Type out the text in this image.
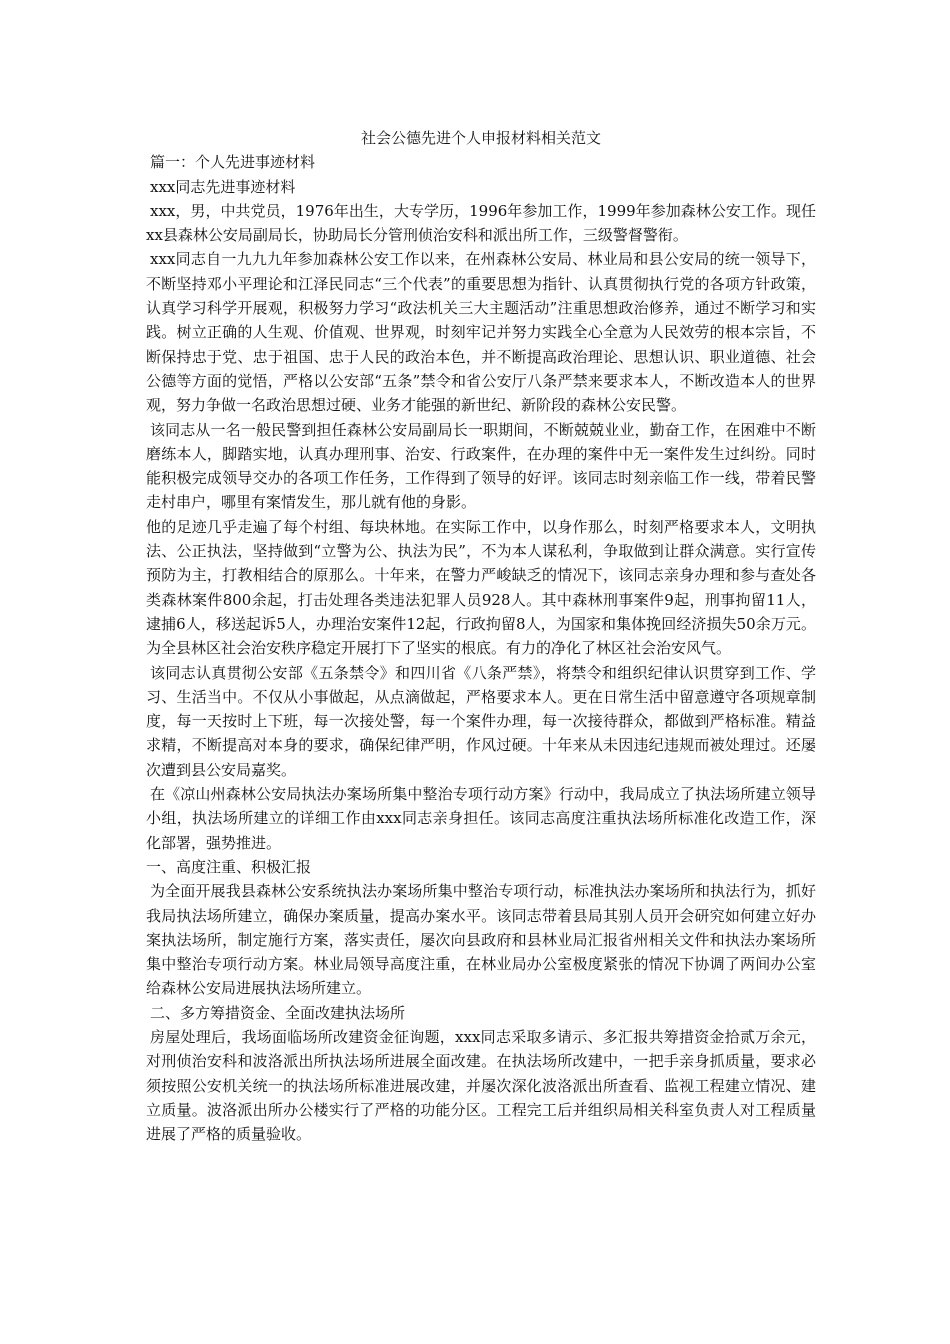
社会公德先进个人申报材料相关范文

篇一：个人先进事迹材料

xxx同志先进事迹材料

xxx，男，中共党员，1976年出生，大专学历，1996年参加工作，1999年参加森林公安工作。现任xx县森林公安局副局长，协助局长分管刑侦治安科和派出所工作，三级警督警衔。

xxx同志自一九九九年参加森林公安工作以来，在州森林公安局、林业局和县公安局的统一领导下，不断坚持邓小平理论和江泽民同志“三个代表”的重要思想为指针、认真贯彻执行党的各项方针政策，认真学习科学开展观，积极努力学习“政法机关三大主题活动”注重思想政治修养，通过不断学习和实践。树立正确的人生观、价值观、世界观，时刻牢记并努力实践全心全意为人民效劳的根本宗旨，不断保持忠于党、忠于祖国、忠于人民的政治本色，并不断提高政治理论、思想认识、职业道德、社会公德等方面的觉悟，严格以公安部“五条”禁令和省公安厅八条严禁来要求本人，不断改造本人的世界观，努力争做一名政治思想过硬、业务才能强的新世纪、新阶段的森林公安民警。

该同志从一名一般民警到担任森林公安局副局长一职期间，不断兢兢业业，勤奋工作，在困难中不断磨练本人，脚踏实地，认真办理刑事、治安、行政案件，在办理的案件中无一案件发生过纠纷。同时能积极完成领导交办的各项工作任务，工作得到了领导的好评。该同志时刻亲临工作一线，带着民警走村串户，哪里有案情发生，那儿就有他的身影。

他的足迹几乎走遍了每个村组、每块林地。在实际工作中，以身作那么，时刻严格要求本人，文明执法、公正执法，坚持做到“立警为公、执法为民”，不为本人谋私利，争取做到让群众满意。实行宣传预防为主，打教相结合的原那么。十年来，在警力严峻缺乏的情况下，该同志亲身办理和参与查处各类森林案件800余起，打击处理各类违法犯罪人员928人。其中森林刑事案件9起，刑事拘留11人，逮捕6人，移送起诉5人，办理治安案件12起，行政拘留8人，为国家和集体挽回经济损失50余万元。为全县林区社会治安秩序稳定开展打下了坚实的根底。有力的净化了林区社会治安风气。

该同志认真贯彻公安部《五条禁令》和四川省《八条严禁》，将禁令和组织纪律认识贯穿到工作、学习、生活当中。不仅从小事做起，从点滴做起，严格要求本人。更在日常生活中留意遵守各项规章制度，每一天按时上下班，每一次接处警，每一个案件办理，每一次接待群众，都做到严格标准。精益求精，不断提高对本身的要求，确保纪律严明，作风过硬。十年来从未因违纪违规而被处理过。还屡次遭到县公安局嘉奖。

在《凉山州森林公安局执法办案场所集中整治专项行动方案》行动中，我局成立了执法场所建立领导小组，执法场所建立的详细工作由xxx同志亲身担任。该同志高度注重执法场所标准化改造工作，深化部署，强势推进。

一、高度注重、积极汇报

为全面开展我县森林公安系统执法办案场所集中整治专项行动，标准执法办案场所和执法行为，抓好我局执法场所建立，确保办案质量，提高办案水平。该同志带着县局其别人员开会研究如何建立好办案执法场所，制定施行方案，落实责任，屡次向县政府和县林业局汇报省州相关文件和执法办案场所集中整治专项行动方案。林业局领导高度注重，在林业局办公室极度紧张的情况下协调了两间办公室给森林公安局进展执法场所建立。

二、多方筹措资金、全面改建执法场所

房屋处理后，我场面临场所改建资金征询题，xxx同志采取多请示、多汇报共筹措资金拾贰万余元，对刑侦治安科和波洛派出所执法场所进展全面改建。在执法场所改建中，一把手亲身抓质量，要求必须按照公安机关统一的执法场所标准进展改建，并屡次深化波洛派出所查看、监视工程建立情况、建立质量。波洛派出所办公楼实行了严格的功能分区。工程完工后并组织局相关科室负责人对工程质量进展了严格的质量验收。
